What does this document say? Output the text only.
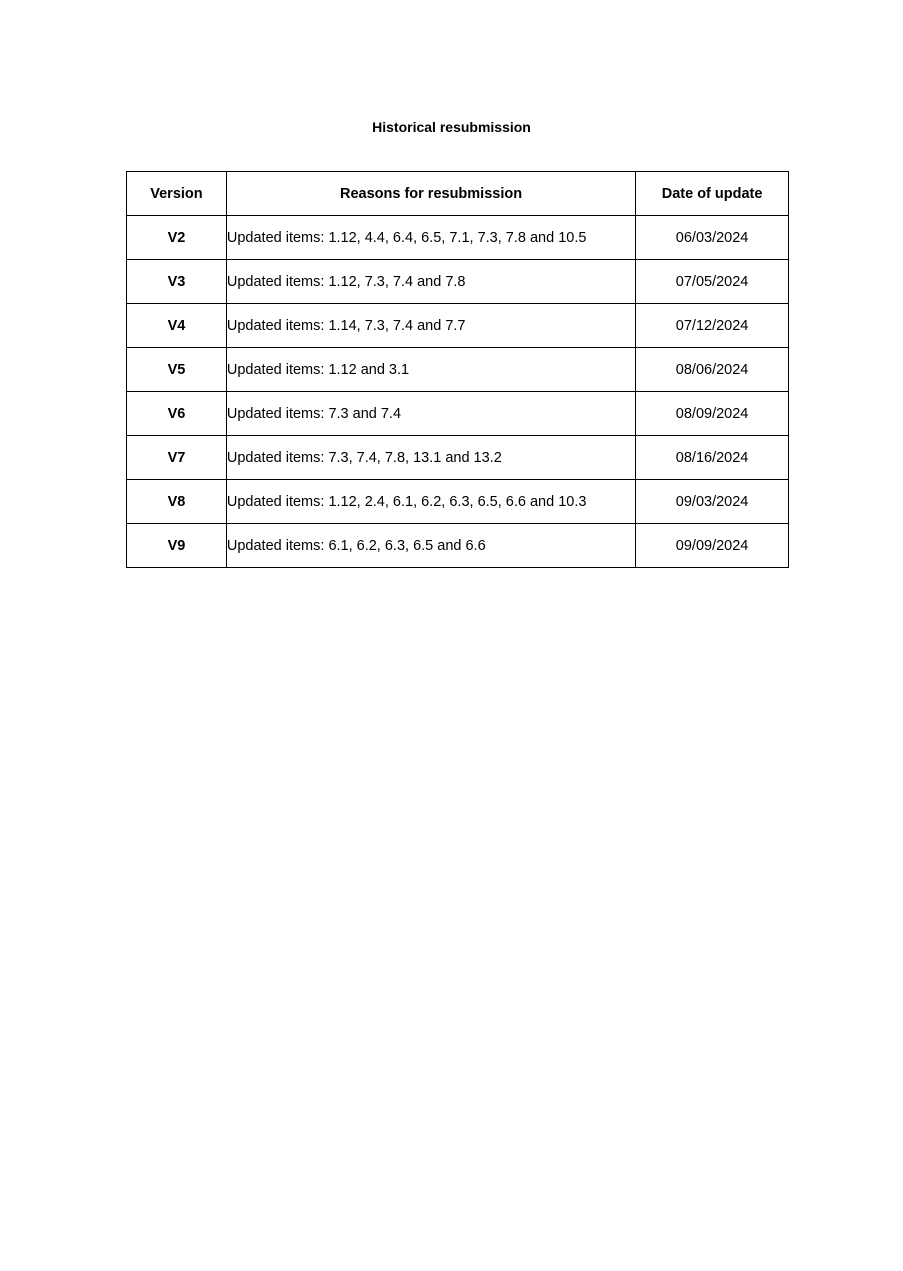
Historical resubmission
Version	Reasons for resubmission	Date of update
V2	Updated items: 1.12, 4.4, 6.4, 6.5, 7.1, 7.3, 7.8 and 10.5	06/03/2024
V3	Updated items: 1.12, 7.3, 7.4 and 7.8	07/05/2024
V4	Updated items: 1.14, 7.3, 7.4 and 7.7	07/12/2024
V5	Updated items: 1.12 and 3.1	08/06/2024
V6	Updated items: 7.3 and 7.4	08/09/2024
V7	Updated items: 7.3, 7.4, 7.8, 13.1 and 13.2	08/16/2024
V8	Updated items: 1.12, 2.4, 6.1, 6.2, 6.3, 6.5, 6.6 and 10.3	09/03/2024
V9	Updated items: 6.1, 6.2, 6.3, 6.5 and 6.6	09/09/2024
